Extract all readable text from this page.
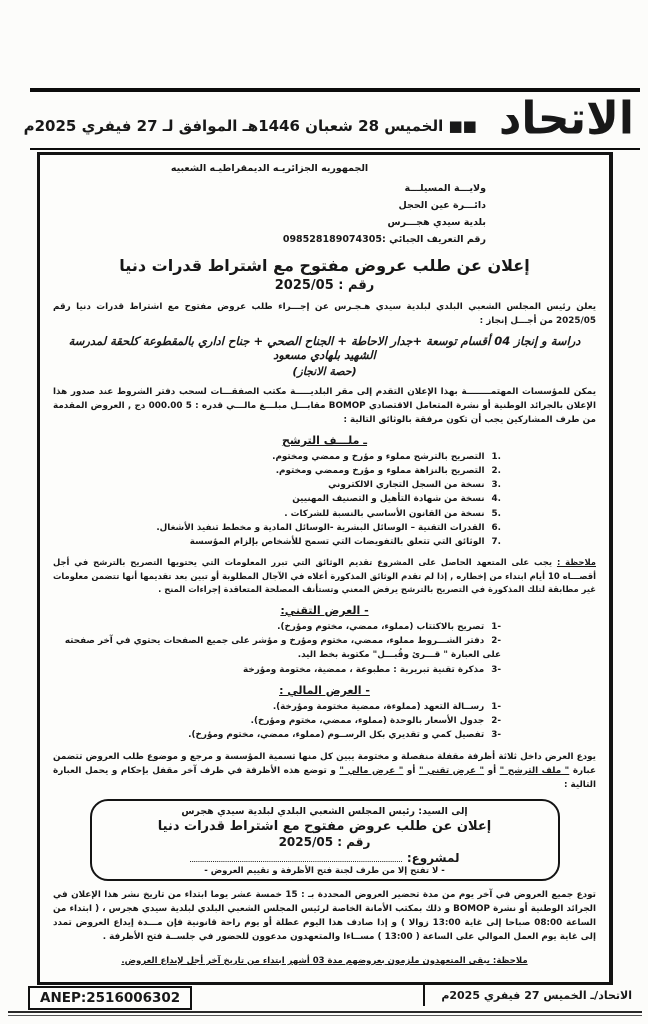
الاتحاد
■■ الخميس 28 شعبان 1446هـ الموافق لـ 27 فيفري 2025م
الجمهوريه الجزائريـه الديمقراطيـه الشعبيه
ولايـــة المسيلـــة
دائـــرة عين الحجل
بلدية سيدي هجـــرس
رقم التعريف الجبائي :098528189074305
إعلان عن طلب عروض مفتوح مع اشتراط قدرات دنيا
رقم : 2025/05

يعلن رئيس المجلس الشعبي البلدي لبلدية سيدي هـجـرس عن إجـــراء طلب عروض مفتوح مع اشتراط قدرات دنيا رقم 2025/05 من أجـــل إنجاز :

دراسة و إنجاز 04 أقسام توسعة +جدار الاحاطة + الجناح الصحي + جناح اداري بالمقطوعة كلحقة لمدرسة الشهيد بلهادي مسعود
(حصة الانجاز)

يمكن للمؤسسات المهتمــــــــة بهذا الإعلان التقدم إلى مقر البلديـــــة مكتب الصفقـــات لسحب دفتر الشروط عند صدور هذا الإعلان بالجرائد الوطنية أو نشرة المتعامل الاقتصادي BOMOP مقابـــل مبلـــغ مالـــي قدره : 5 000.00 دج , العروض المقدمة من طرف المشاركين يجب أن تكون مرفقة بالوثائق التالية :

ـ ملـــف الترشح
التصريح بالترشح مملوء و مؤرخ و ممضي ومختوم.
التصريح بالنزاهة مملوء و مؤرخ وممضي ومختوم.
نسخة من السجل التجاري الالكتروني
نسخة من شهادة التأهيل و التصنيف المهنيين
نسخة من القانون الأساسي بالنسبة للشركات .
القدرات التقنية – الوسائل البشرية -الوسائل المادية و مخطط تنفيذ الأشغال.
الوثائق التي تتعلق بالتفويضات التي تسمح للأشخاص بإلزام المؤسسة

ملاحظة : يجب على المتعهد الحاصل على المشروع تقديم الوثائق التي تبرر المعلومات التي يحتويها التصريح بالترشح في أجل أقصـــاه 10 أيام ابتداء من إخطاره , إذا لم تقدم الوثائق المذكورة أعلاه في الآجال المطلوبة أو تبين بعد تقديمها أنها تتضمن معلومات غير مطابقة لتلك المذكورة في التصريح بالترشح يرفض المعني وتستأنف المصلحة المتعاقدة إجراءات المنح .

- العرض التقني:
تصريح بالاكتتاب (مملوء، ممضي، مختوم ومؤرخ).
دفتر الشـــروط مملوء، ممضي، مختوم ومؤرخ و مؤشر على جميع الصفحات يحتوي في آخر صفحته على العبارة " قـــرئ وقُبـــل" مكتوبة بخط اليد.
مذكرة تقنية تبريرية : مطبوعة ، ممضية، مختومة ومؤرخة
- العرض المالي :
رســالة التعهد (مملوءة، ممضية مختومة ومؤرخة).
جدول الأسعار بالوحدة (مملوء، ممضي، مختوم ومؤرخ).
تفصيل كمي و تقديري بكل الرســوم (مملوء، ممضي، مختوم ومؤرخ).

يودع العرض داخل ثلاثة أظرفة مقفلة منفصلة و مختومة يبين كل منها تسمية المؤسسة و مرجع و موضوع طلب العروض تتضمن عبارة " ملف الترشح " أو " عرض تقني " أو " عرض مالي " و توضع هذه الأظرفة في ظرف آخر مقفل بإحكام و يحمل العبارة التالية :

إلى السيد: رئيس المجلس الشعبي البلدي لبلدية سيدي هجرس
إعلان عن طلب عروض مفتوح مع اشتراط قدرات دنيا
رقم : 2025/05
لمشروع: ......................................................................................................
- لا تفتح إلا من طرف لجنة فتح الأظرفة و تقييم العروض -

تودع جميع العروض في آخر يوم من مدة تحضير العروض المحددة بـ : 15 خمسة عشر يوما ابتداء من تاريخ نشر هذا الإعلان في الجرائد الوطنية أو نشرة BOMOP و ذلك بمكتب الأمانة الخاصة لرئيس المجلس الشعبي البلدي لبلدية سيدي هجرس ، ( ابتداء من الساعة 08:00 صباحا إلى غاية 13:00 زوالا ) و إذا صادف هذا اليوم عطلة أو يوم راحة قانونية فإن مـــدة إيداع العروض تمدد إلى غاية يوم العمل الموالي على الساعة ( 13:00 ) مســاءا والمتعهدون مدعوون للحضور في جلســة فتح الأظرفة .

ملاحظة: يبقى المتعهدون ملزمون بعروضهم مدة 03 أشهر ابتداء من تاريخ آخر أجل لإيداع العروض.
ANEP:2516006302	الاتحاد/ـ الخميس 27 فيفري 2025م
